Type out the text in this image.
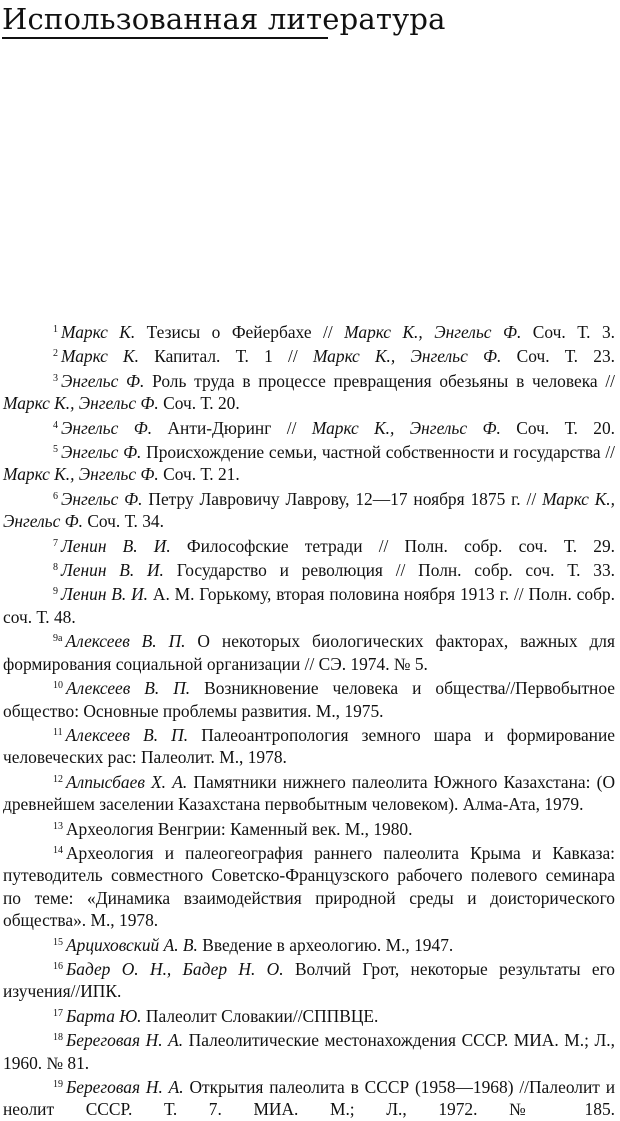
Использованная литература

$^1$ Маркс К. Тезисы о Фейербахе // Маркс К., Энгельс Ф. Соч. Т. 3.

$^2$ Маркс К. Капитал. Т. 1 // Маркс К., Энгельс Ф. Соч. Т. 23.

$^3$ Энгельс Ф. Роль труда в процессе превращения обезьяны в человека // Маркс К., Энгельс Ф. Соч. Т. 20.

$^4$ Энгельс Ф. Анти-Дюринг // Маркс К., Энгельс Ф. Соч. Т. 20.

$^5$ Энгельс Ф. Происхождение семьи, частной собственности и государства // Маркс К., Энгельс Ф. Соч. Т. 21.

$^6$ Энгельс Ф. Петру Лавровичу Лаврову, 12—17 ноября 1875 г. // Маркс К., Энгельс Ф. Соч. Т. 34.

$^7$ Ленин В. И. Философские тетради // Полн. собр. соч. Т. 29.

$^8$ Ленин В. И. Государство и революция // Полн. собр. соч. Т. 33.

$^9$ Ленин В. И. А. М. Горькому, вторая половина ноября 1913 г. // Полн. собр. соч. Т. 48.

$^{9а}$ Алексеев В. П. О некоторых биологических факторах, важных для формирования социальной организации // СЭ. 1974. № 5.

$^{10}$ Алексеев В. П. Возникновение человека и общества//Первобытное общество: Основные проблемы развития. М., 1975.

$^{11}$ Алексеев В. П. Палеоантропология земного шара и формирование человеческих рас: Палеолит. М., 1978.

$^{12}$ Алпысбаев Х. А. Памятники нижнего палеолита Южного Казахстана: (О древнейшем заселении Казахстана первобытным человеком). Алма-Ата, 1979.

$^{13}$ Археология Венгрии: Каменный век. М., 1980.

$^{14}$ Археология и палеогеография раннего палеолита Крыма и Кавказа: путеводитель совместного Советско-Французского рабочего полевого семинара по теме: «Динамика взаимодействия природной среды и доисторического общества». М., 1978.

$^{15}$ Арциховский А. В. Введение в археологию. М., 1947.

$^{16}$ Бадер О. Н., Бадер Н. О. Волчий Грот, некоторые результаты его изучения//ИПК.

$^{17}$ Барта Ю. Палеолит Словакии//СППВЦЕ.

$^{18}$ Береговая Н. А. Палеолитические местонахождения СССР. МИА. М.; Л., 1960. № 81.

$^{19}$ Береговая Н. А. Открытия палеолита в СССР (1958—1968) //Палеолит и неолит СССР. Т. 7. МИА. М.; Л., 1972. № 185.
